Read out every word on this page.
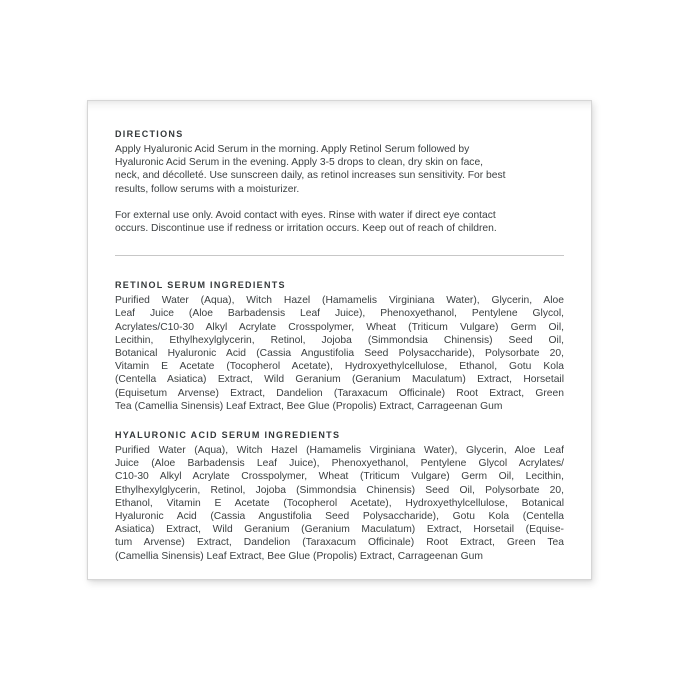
DIRECTIONS
Apply Hyaluronic Acid Serum in the morning. Apply Retinol Serum followed by
Hyaluronic Acid Serum in the evening. Apply 3-5 drops to clean, dry skin on face,
neck, and décolleté. Use sunscreen daily, as retinol increases sun sensitivity. For best
results, follow serums with a moisturizer.
For external use only. Avoid contact with eyes. Rinse with water if direct eye contact
occurs. Discontinue use if redness or irritation occurs. Keep out of reach of children.
RETINOL SERUM INGREDIENTS
Purified Water (Aqua), Witch Hazel (Hamamelis Virginiana Water), Glycerin, Aloe
Leaf Juice (Aloe Barbadensis Leaf Juice), Phenoxyethanol, Pentylene Glycol,
Acrylates/C10-30 Alkyl Acrylate Crosspolymer, Wheat (Triticum Vulgare) Germ Oil,
Lecithin, Ethylhexylglycerin, Retinol, Jojoba (Simmondsia Chinensis) Seed Oil,
Botanical Hyaluronic Acid (Cassia Angustifolia Seed Polysaccharide), Polysorbate 20,
Vitamin E Acetate (Tocopherol Acetate), Hydroxyethylcellulose, Ethanol, Gotu Kola
(Centella Asiatica) Extract, Wild Geranium (Geranium Maculatum) Extract, Horsetail
(Equisetum Arvense) Extract, Dandelion (Taraxacum Officinale) Root Extract, Green
Tea (Camellia Sinensis) Leaf Extract, Bee Glue (Propolis) Extract, Carrageenan Gum
HYALURONIC ACID SERUM INGREDIENTS
Purified Water (Aqua), Witch Hazel (Hamamelis Virginiana Water), Glycerin, Aloe Leaf
Juice (Aloe Barbadensis Leaf Juice), Phenoxyethanol, Pentylene Glycol Acrylates/
C10-30 Alkyl Acrylate Crosspolymer, Wheat (Triticum Vulgare) Germ Oil, Lecithin,
Ethylhexylglycerin, Retinol, Jojoba (Simmondsia Chinensis) Seed Oil, Polysorbate 20,
Ethanol, Vitamin E Acetate (Tocopherol Acetate), Hydroxyethylcellulose, Botanical
Hyaluronic Acid (Cassia Angustifolia Seed Polysaccharide), Gotu Kola (Centella
Asiatica) Extract, Wild Geranium (Geranium Maculatum) Extract, Horsetail (Equise-
tum Arvense) Extract, Dandelion (Taraxacum Officinale) Root Extract, Green Tea
(Camellia Sinensis) Leaf Extract, Bee Glue (Propolis) Extract, Carrageenan Gum
